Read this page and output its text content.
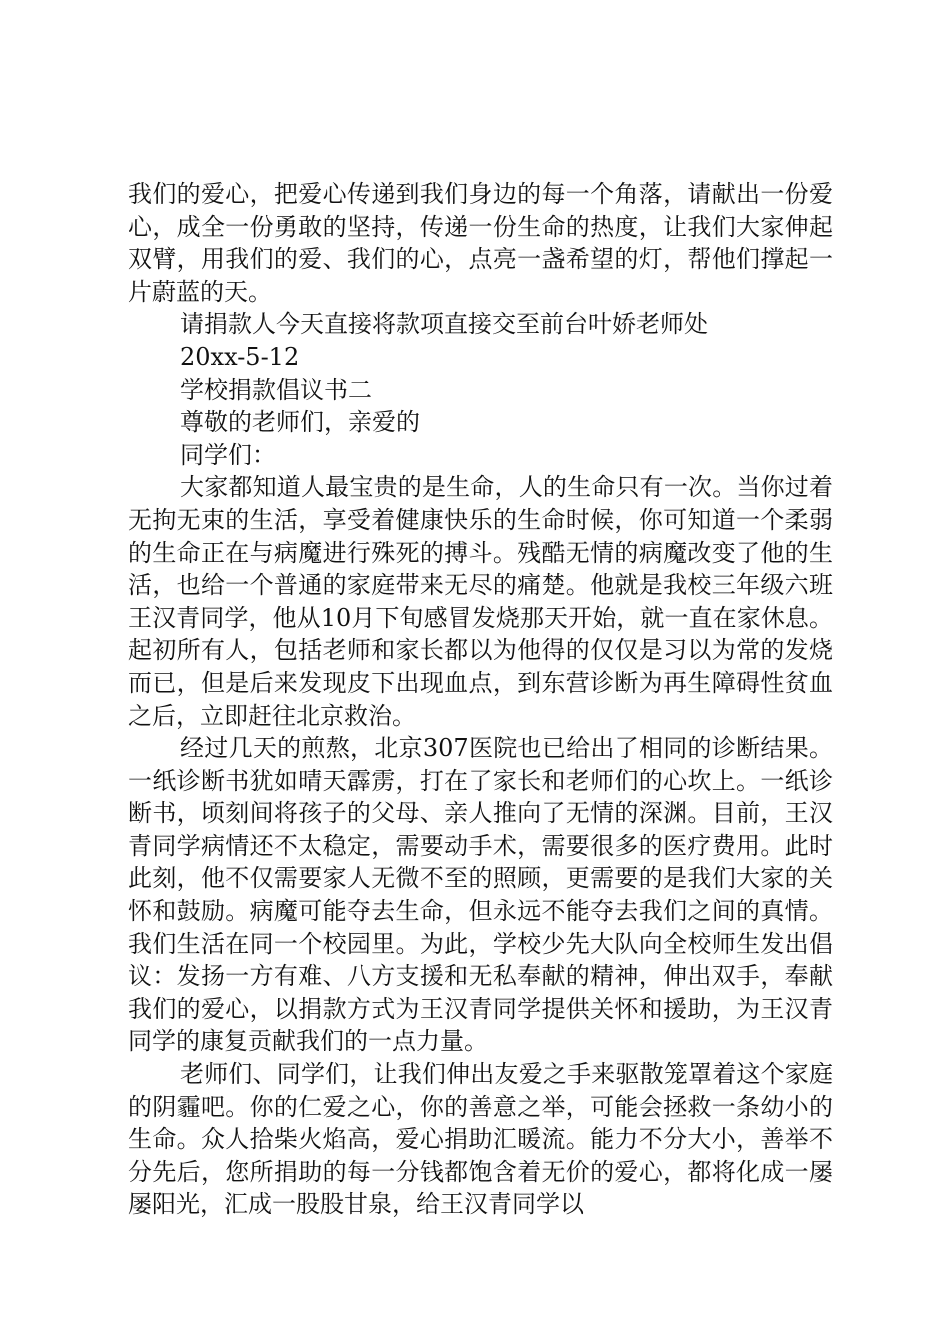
我们的爱心，把爱心传递到我们身边的每一个角落，请献出一份爱心，成全一份勇敢的坚持，传递一份生命的热度，让我们大家伸起双臂，用我们的爱、我们的心，点亮一盏希望的灯，帮他们撑起一片蔚蓝的天。

请捐款人今天直接将款项直接交至前台叶娇老师处

20xx-5-12

学校捐款倡议书二

尊敬的老师们，亲爱的

同学们：

大家都知道人最宝贵的是生命，人的生命只有一次。当你过着无拘无束的生活，享受着健康快乐的生命时候，你可知道一个柔弱的生命正在与病魔进行殊死的搏斗。残酷无情的病魔改变了他的生活，也给一个普通的家庭带来无尽的痛楚。他就是我校三年级六班王汉青同学，他从10月下旬感冒发烧那天开始，就一直在家休息。起初所有人，包括老师和家长都以为他得的仅仅是习以为常的发烧而已，但是后来发现皮下出现血点，到东营诊断为再生障碍性贫血之后，立即赶往北京救治。

经过几天的煎熬，北京307医院也已给出了相同的诊断结果。一纸诊断书犹如晴天霹雳，打在了家长和老师们的心坎上。一纸诊断书，顷刻间将孩子的父母、亲人推向了无情的深渊。目前，王汉青同学病情还不太稳定，需要动手术，需要很多的医疗费用。此时此刻，他不仅需要家人无微不至的照顾，更需要的是我们大家的关怀和鼓励。病魔可能夺去生命，但永远不能夺去我们之间的真情。我们生活在同一个校园里。为此，学校少先大队向全校师生发出倡议：发扬一方有难、八方支援和无私奉献的精神，伸出双手，奉献我们的爱心，以捐款方式为王汉青同学提供关怀和援助，为王汉青同学的康复贡献我们的一点力量。

老师们、同学们，让我们伸出友爱之手来驱散笼罩着这个家庭的阴霾吧。你的仁爱之心，你的善意之举，可能会拯救一条幼小的生命。众人拾柴火焰高，爱心捐助汇暖流。能力不分大小，善举不分先后，您所捐助的每一分钱都饱含着无价的爱心，都将化成一屡屡阳光，汇成一股股甘泉，给王汉青同学以
